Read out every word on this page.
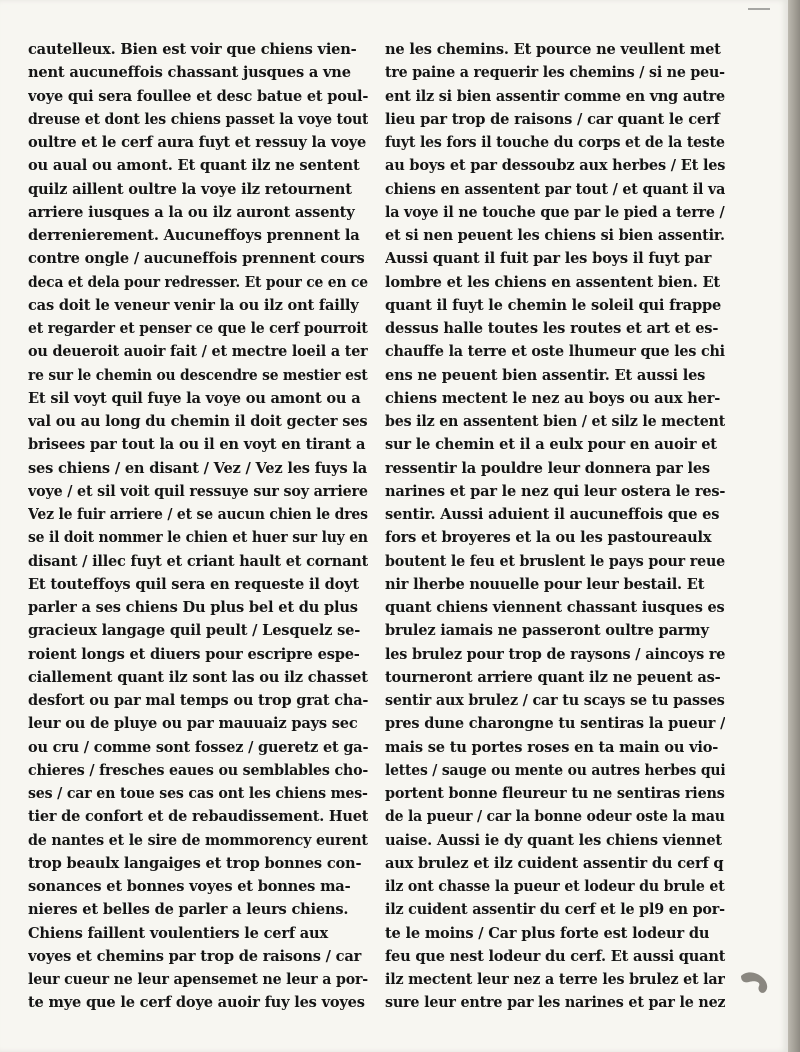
cautelleux. Bien est voir que chiens vien-
nent aucuneffois chassant jusques a vne
voye qui sera foullee et desc batue et poul-
dreuse et dont les chiens passet la voye tout
oultre et le cerf aura fuyt et ressuy la voye
ou aual ou amont. Et quant ilz ne sentent
quilz aillent oultre la voye ilz retournent
arriere iusques a la ou ilz auront assenty
derrenierement. Aucuneffoys prennent la
contre ongle / aucuneffois prennent cours
deca et dela pour redresser. Et pour ce en ce
cas doit le veneur venir la ou ilz ont failly
et regarder et penser ce que le cerf pourroit
ou deueroit auoir fait / et mectre loeil a ter
re sur le chemin ou descendre se mestier est
Et sil voyt quil fuye la voye ou amont ou a
val ou au long du chemin il doit gecter ses
brisees par tout la ou il en voyt en tirant a
ses chiens / en disant / Vez / Vez les fuys la
voye / et sil voit quil ressuye sur soy arriere
Vez le fuir arriere / et se aucun chien le dres
se il doit nommer le chien et huer sur luy en
disant / illec fuyt et criant hault et cornant
Et touteffoys quil sera en requeste il doyt
parler a ses chiens Du plus bel et du plus
gracieux langage quil peult / Lesquelz se-
roient longs et diuers pour escripre espe-
ciallement quant ilz sont las ou ilz chasset
desfort ou par mal temps ou trop grat cha-
leur ou de pluye ou par mauuaiz pays sec
ou cru / comme sont fossez / gueretz et ga-
chieres / fresches eaues ou semblables cho-
ses / car en toue ses cas ont les chiens mes-
tier de confort et de rebaudissement. Huet
de nantes et le sire de mommorency eurent
trop beaulx langaiges et trop bonnes con-
sonances et bonnes voyes et bonnes ma-
nieres et belles de parler a leurs chiens.
Chiens faillent voulentiers le cerf aux
voyes et chemins par trop de raisons / car
leur cueur ne leur apensemet ne leur a por-
te mye que le cerf doye auoir fuy les voyes
ne les chemins. Et pource ne veullent met
tre paine a requerir les chemins / si ne peu-
ent ilz si bien assentir comme en vng autre
lieu par trop de raisons / car quant le cerf
fuyt les fors il touche du corps et de la teste
au boys et par dessoubz aux herbes / Et les
chiens en assentent par tout / et quant il va
la voye il ne touche que par le pied a terre /
et si nen peuent les chiens si bien assentir.
Aussi quant il fuit par les boys il fuyt par
lombre et les chiens en assentent bien. Et
quant il fuyt le chemin le soleil qui frappe
dessus halle toutes les routes et art et es-
chauffe la terre et oste lhumeur que les chi
ens ne peuent bien assentir. Et aussi les
chiens mectent le nez au boys ou aux her-
bes ilz en assentent bien / et silz le mectent
sur le chemin et il a eulx pour en auoir et
ressentir la pouldre leur donnera par les
narines et par le nez qui leur ostera le res-
sentir. Aussi aduient il aucuneffois que es
fors et broyeres et la ou les pastoureaulx
boutent le feu et bruslent le pays pour reue
nir lherbe nouuelle pour leur bestail. Et
quant chiens viennent chassant iusques es
brulez iamais ne passeront oultre parmy
les brulez pour trop de raysons / aincoys re
tourneront arriere quant ilz ne peuent as-
sentir aux brulez / car tu scays se tu passes
pres dune charongne tu sentiras la pueur /
mais se tu portes roses en ta main ou vio-
lettes / sauge ou mente ou autres herbes qui
portent bonne fleureur tu ne sentiras riens
de la pueur / car la bonne odeur oste la mau
uaise. Aussi ie dy quant les chiens viennet
aux brulez et ilz cuident assentir du cerf q
ilz ont chasse la pueur et lodeur du brule et
ilz cuident assentir du cerf et le pl9 en por-
te le moins / Car plus forte est lodeur du
feu que nest lodeur du cerf. Et aussi quant
ilz mectent leur nez a terre les brulez et lar
sure leur entre par les narines et par le nez
